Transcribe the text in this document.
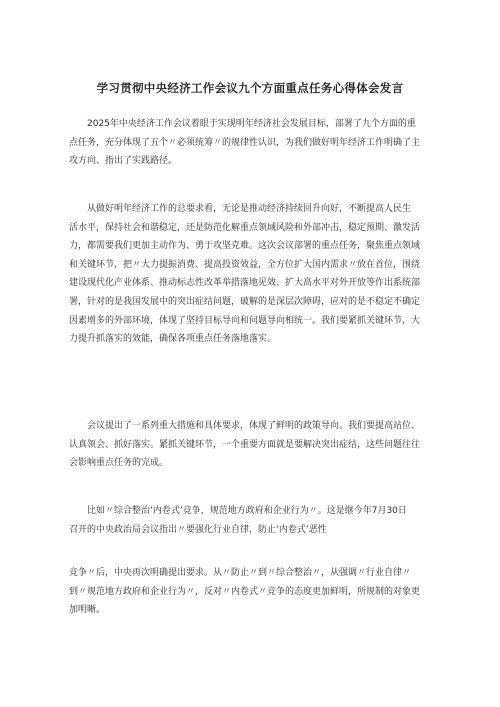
学习贯彻中央经济工作会议九个方面重点任务心得体会发言
2025年中央经济工作会议着眼于实现明年经济社会发展目标，部署了九个方面的重
点任务，充分体现了五个〃必须统筹〃的规律性认识，为我们做好明年经济工作明确了主
攻方向、指出了实践路径。
从做好明年经济工作的总要求看，无论是推动经济持续回升向好，不断提高人民生
活水平，保持社会和谐稳定，还是防范化解重点领域风险和外部冲击，稳定预期、激发活
力，都需要我们更加主动作为、勇于攻坚克难。这次会议部署的重点任务，聚焦重点领域
和关键环节，把〃大力提振消费、提高投资效益，全方位扩大国内需求〃放在首位，围绕
建设现代化产业体系、推动标志性改革举措落地见效、扩大高水平对外开放等作出系统部
署，针对的是我国发展中的突出症结问题，破解的是深层次障碍，应对的是不稳定不确定
因素增多的外部环境，体现了坚持目标导向和问题导向相统一。我们要紧抓关键环节，大
力提升抓落实的效能，确保各项重点任务落地落实。
会议提出了一系列重大措施和具体要求，体现了鲜明的政策导向。我们要提高站位、
认真领会、抓好落实。紧抓关键环节，一个重要方面就是要解决突出症结，这些问题往往
会影响重点任务的完成。
比如〃综合整治‘内卷式’竞争，规范地方政府和企业行为〃。这是继今年7月30日
召开的中央政治局会议指出〃要强化行业自律，防止‘内卷式’恶性
竞争〃后，中央再次明确提出要求。从〃防止〃到〃综合整治〃，从强调〃行业自律〃
到〃规范地方政府和企业行为〃，反对〃内卷式〃竞争的态度更加鲜明，所规制的对象更
加明晰。
